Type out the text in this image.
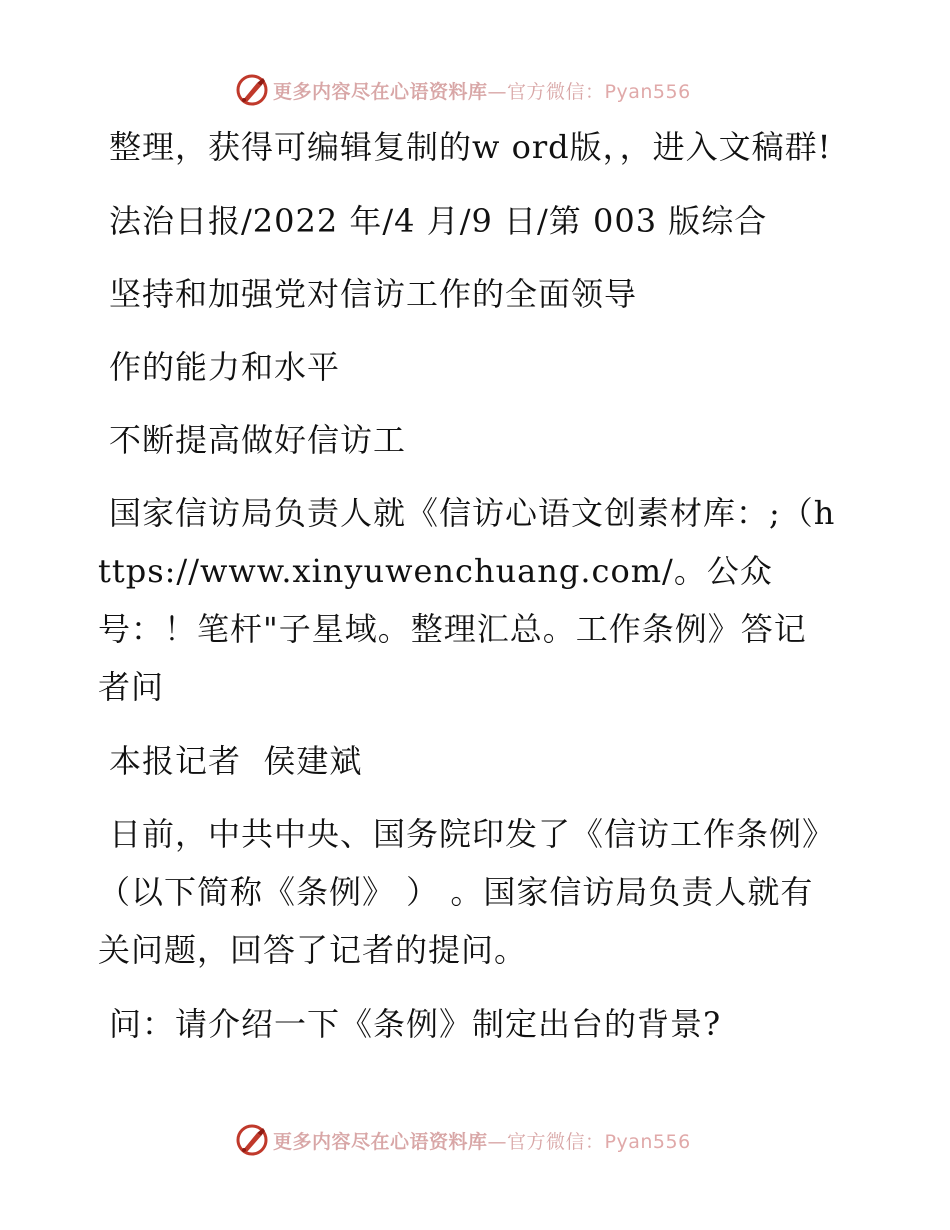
更多内容尽在心语资料库—官方微信：Pyan556

整理，获得可编辑复制的w ord版，，进入文稿群!

法治日报/2022 年/4 月/9 日/第 003 版综合

坚持和加强党对信访工作的全面领导

作的能力和水平

不断提高做好信访工

国家信访局负责人就《信访心语文创素材库：;（https://www.xinyuwenchuang.com/。公众号：！笔杆"子星域。整理汇总。工作条例》答记者问

本报记者  侯建斌

日前，中共中央、国务院印发了《信访工作条例》 （以下简称《条例》 ） 。国家信访局负责人就有关问题，回答了记者的提问。

问：请介绍一下《条例》制定出台的背景?

更多内容尽在心语资料库—官方微信：Pyan556
